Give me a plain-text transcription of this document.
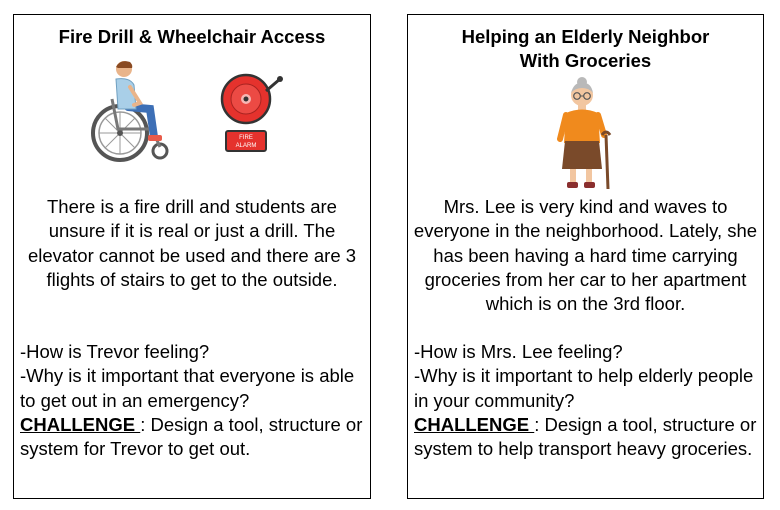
Fire Drill & Wheelchair Access
FIRE
ALARM
There is a fire drill and students are unsure if it is real or just a drill. The elevator cannot be used and there are 3 flights of stairs to get to the outside.
-How is Trevor feeling?
-Why is it important that everyone is able to get out in an emergency?
CHALLENGE : Design a tool, structure or system for Trevor to get out.
Helping an Elderly Neighbor
With Groceries
Mrs. Lee is very kind and waves to everyone in the neighborhood. Lately, she has been having a hard time carrying groceries from her car to her apartment which is on the 3rd floor.
-How is Mrs. Lee feeling?
-Why is it important to help elderly people in your community?
CHALLENGE : Design a tool, structure or system to help transport heavy groceries.
